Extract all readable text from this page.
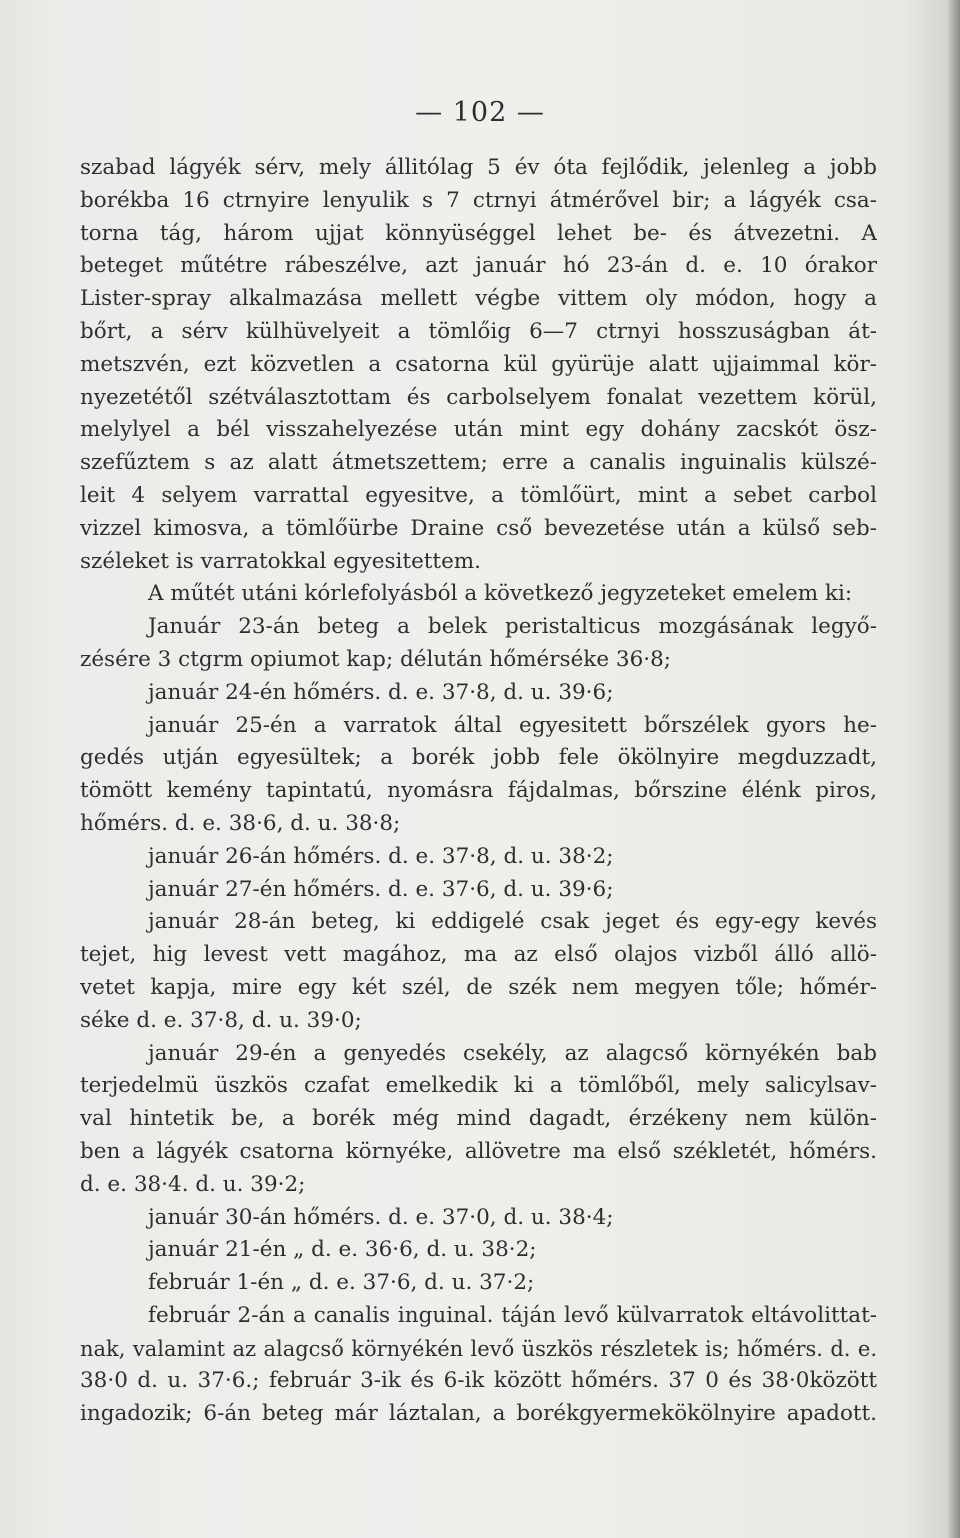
— 102 —
szabad lágyék sérv, mely állitólag 5 év óta fejlődik, jelenleg a jobb
borékba 16 ctrnyire lenyulik s 7 ctrnyi átmérővel bir; a lágyék csa-
torna tág, három ujjat könnyüséggel lehet be- és átvezetni. A
beteget műtétre rábeszélve, azt január hó 23-án d. e. 10 órakor
Lister-spray alkalmazása mellett végbe vittem oly módon, hogy a
bőrt, a sérv külhüvelyeit a tömlőig 6—7 ctrnyi hosszuságban át-
metszvén, ezt közvetlen a csatorna kül gyürüje alatt ujjaimmal kör-
nyezetétől szétválasztottam és carbolselyem fonalat vezettem körül,
melylyel a bél visszahelyezése után mint egy dohány zacskót ösz-
szefűztem s az alatt átmetszettem; erre a canalis inguinalis külszé-
leit 4 selyem varrattal egyesitve, a tömlőürt, mint a sebet carbol
vizzel kimosva, a tömlőürbe Draine cső bevezetése után a külső seb-
széleket is varratokkal egyesitettem.
A műtét utáni kórlefolyásból a következő jegyzeteket emelem ki:
Január 23-án beteg a belek peristalticus mozgásának legyő-
zésére 3 ctgrm opiumot kap; délután hőmérséke 36·8;
január 24-én hőmérs. d. e. 37·8, d. u. 39·6;
január 25-én a varratok által egyesitett bőrszélek gyors he-
gedés utján egyesültek; a borék jobb fele ökölnyire megduzzadt,
tömött kemény tapintatú, nyomásra fájdalmas, bőrszine élénk piros,
hőmérs. d. e. 38·6, d. u. 38·8;
január 26-án hőmérs. d. e. 37·8, d. u. 38·2;
január 27-én hőmérs. d. e. 37·6, d. u. 39·6;
január 28-án beteg, ki eddigelé csak jeget és egy-egy kevés
tejet, hig levest vett magához, ma az első olajos vizből álló allö-
vetet kapja, mire egy két szél, de szék nem megyen tőle; hőmér-
séke d. e. 37·8, d. u. 39·0;
január 29-én a genyedés csekély, az alagcső környékén bab
terjedelmü üszkös czafat emelkedik ki a tömlőből, mely salicylsav-
val hintetik be, a borék még mind dagadt, érzékeny nem külön-
ben a lágyék csatorna környéke, allövetre ma első székletét, hőmérs.
d. e. 38·4. d. u. 39·2;
január 30-án hőmérs. d. e. 37·0, d. u. 38·4;
január 21-én „ d. e. 36·6, d. u. 38·2;
február 1-én „ d. e. 37·6, d. u. 37·2;
február 2-án a canalis inguinal. táján levő külvarratok eltávolittat-
nak, valamint az alagcső környékén levő üszkös részletek is; hőmérs. d. e.
38·0 d. u. 37·6.; február 3-ik és 6-ik között hőmérs. 37 0 és 38·0között
ingadozik; 6-án beteg már láztalan, a borékgyermekökölnyire apadott.
